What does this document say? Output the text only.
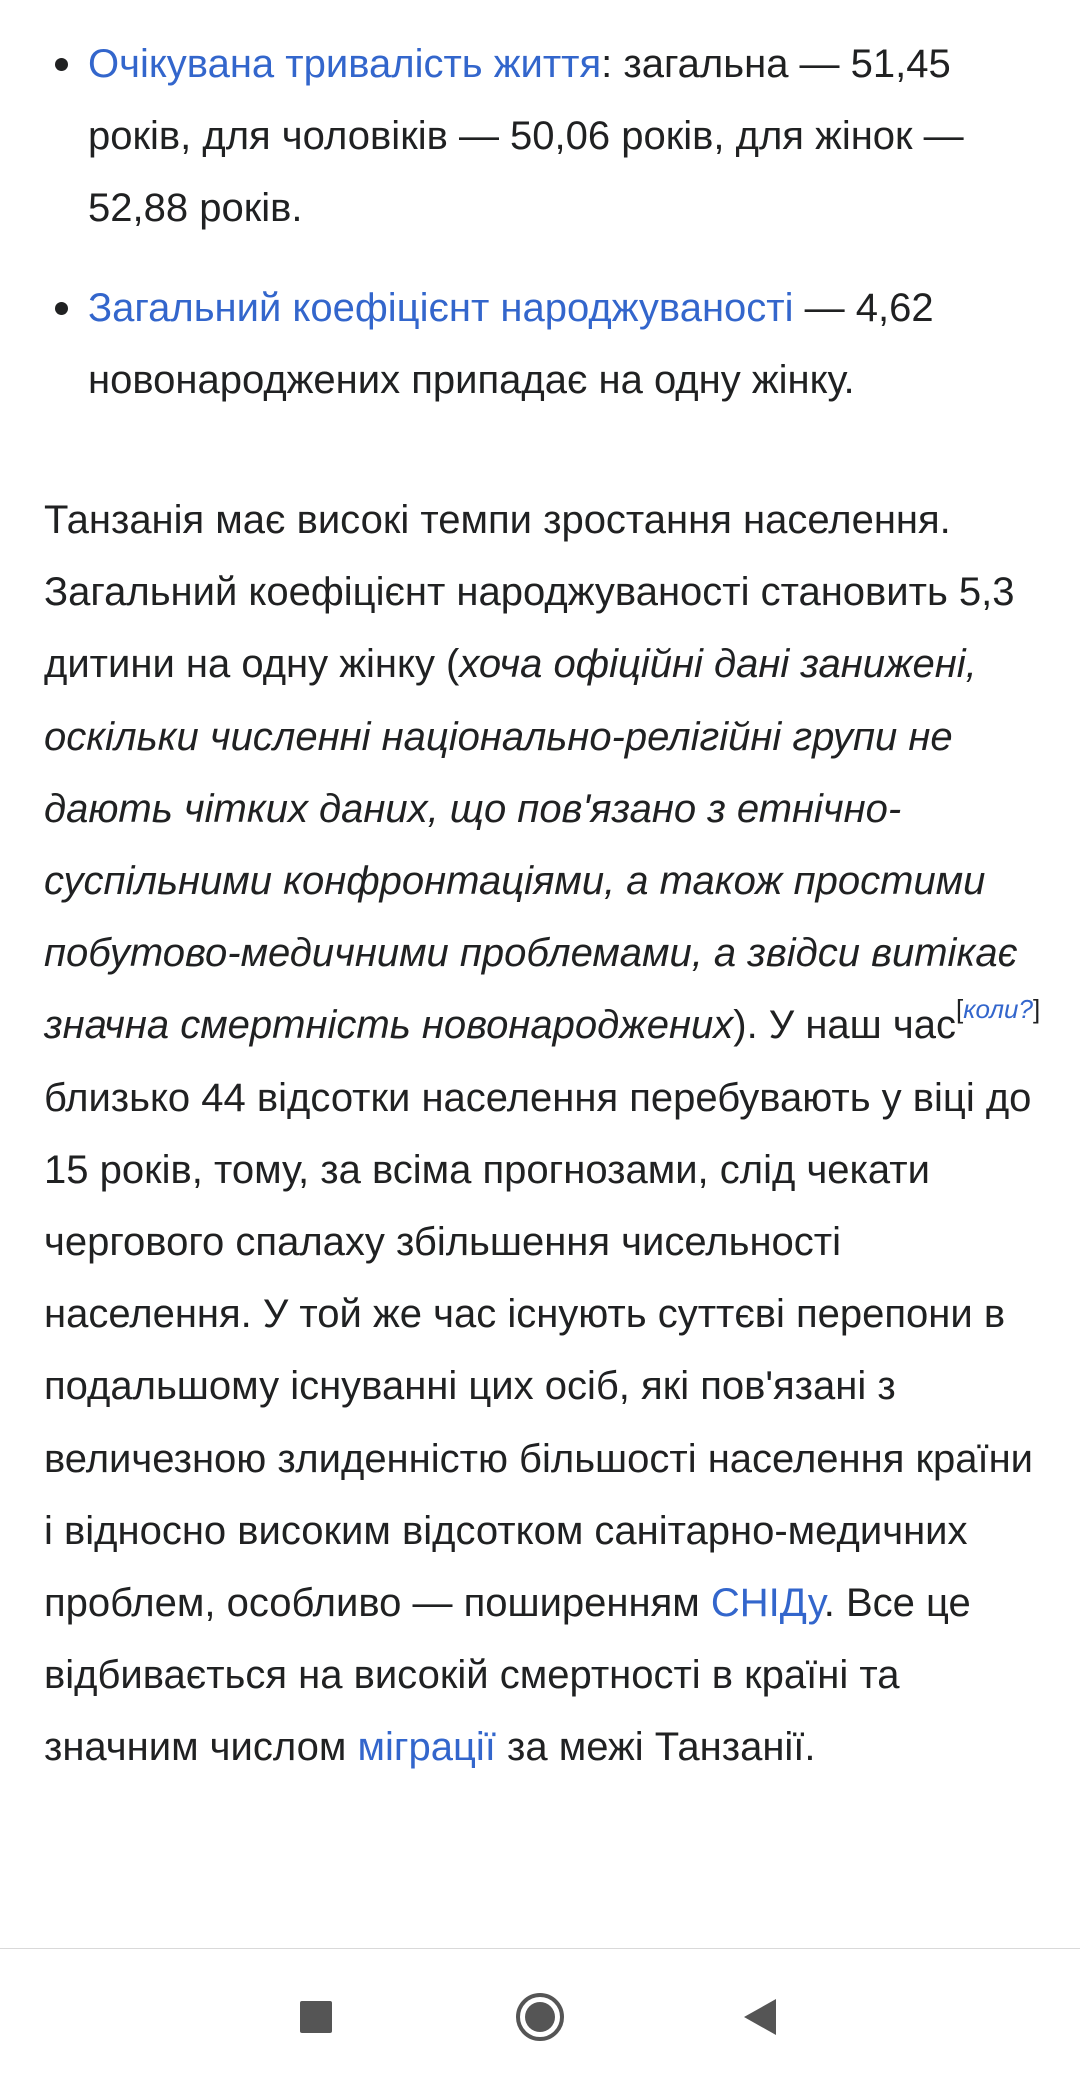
Очікувана тривалість життя: загальна — 51,45 років, для чоловіків — 50,06 років, для жінок — 52,88 років.
Загальний коефіцієнт народжуваності — 4,62 новонароджених припадає на одну жінку.

Танзанія має високі темпи зростання населення. Загальний коефіцієнт народжуваності становить 5,3 дитини на одну жінку (хоча офіційні дані занижені, оскільки численні національно-релігійні групи не дають чітких даних, що пов'язано з етнічно-суспільними конфронтаціями, а також простими побутово-медичними проблемами, а звідси витікає значна смертність новонароджених). У наш час[коли?] близько 44 відсотки населення перебувають у віці до 15 років, тому, за всіма прогнозами, слід чекати чергового спалаху збільшення чисельності населення. У той же час існують суттєві перепони в подальшому існуванні цих осіб, які пов'язані з величезною злиденністю більшості населення країни і відносно високим відсотком санітарно-медичних проблем, особливо — поширенням СНІДу. Все це відбивається на високій смертності в країні та значним числом міграції за межі Танзанії.
